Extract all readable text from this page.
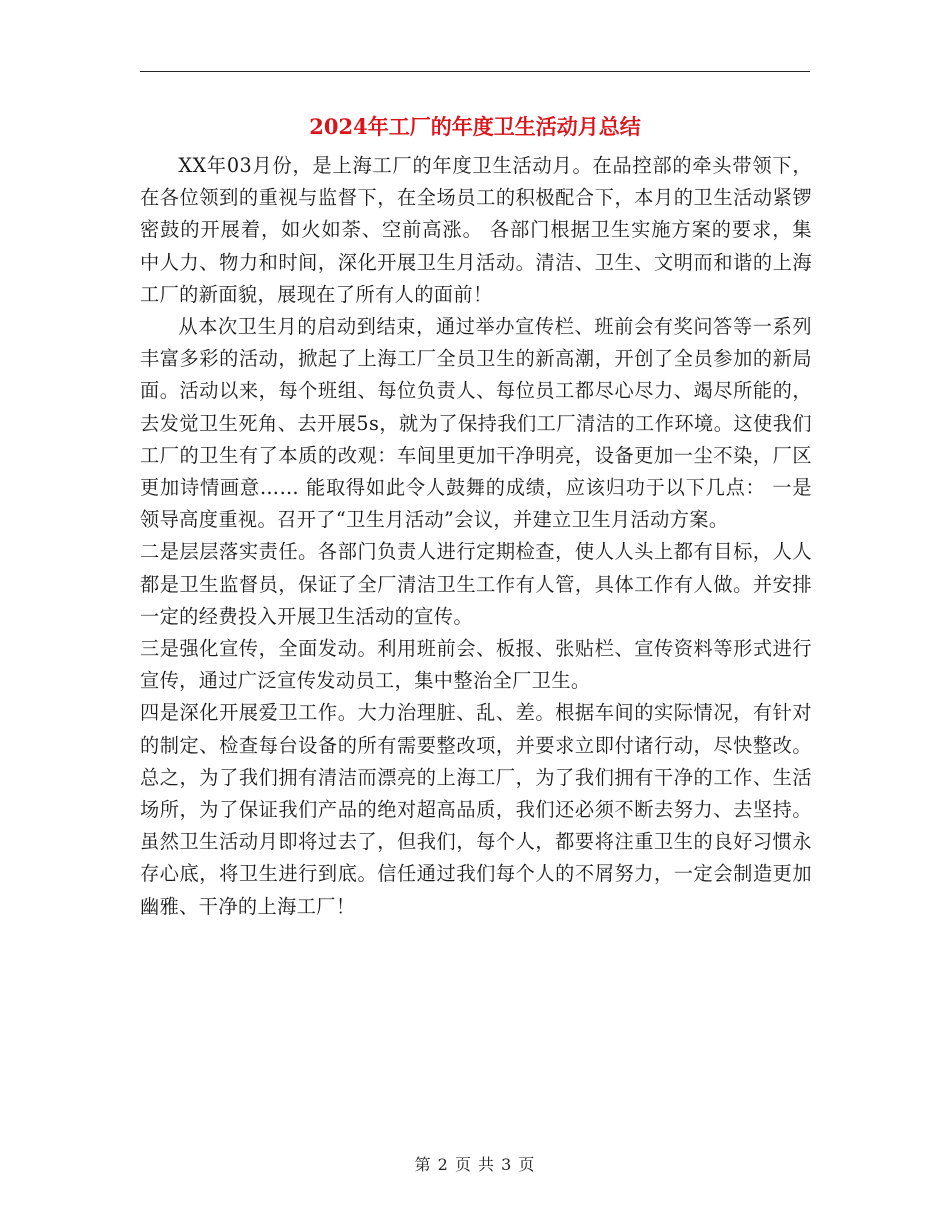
2024年工厂的年度卫生活动月总结

XX年03月份，是上海工厂的年度卫生活动月。在品控部的牵头带领下，在各位领到的重视与监督下，在全场员工的积极配合下，本月的卫生活动紧锣密鼓的开展着，如火如荼、空前高涨。 各部门根据卫生实施方案的要求，集中人力、物力和时间，深化开展卫生月活动。清洁、卫生、文明而和谐的上海工厂的新面貌，展现在了所有人的面前！

从本次卫生月的启动到结束，通过举办宣传栏、班前会有奖问答等一系列丰富多彩的活动，掀起了上海工厂全员卫生的新高潮，开创了全员参加的新局面。活动以来，每个班组、每位负责人、每位员工都尽心尽力、竭尽所能的，去发觉卫生死角、去开展5s，就为了保持我们工厂清洁的工作环境。这使我们工厂的卫生有了本质的改观：车间里更加干净明亮，设备更加一尘不染，厂区更加诗情画意…… 能取得如此令人鼓舞的成绩，应该归功于以下几点： 一是领导高度重视。召开了“卫生月活动”会议，并建立卫生月活动方案。

二是层层落实责任。各部门负责人进行定期检查，使人人头上都有目标，人人都是卫生监督员，保证了全厂清洁卫生工作有人管，具体工作有人做。并安排一定的经费投入开展卫生活动的宣传。

三是强化宣传，全面发动。利用班前会、板报、张贴栏、宣传资料等形式进行宣传，通过广泛宣传发动员工，集中整治全厂卫生。

四是深化开展爱卫工作。大力治理脏、乱、差。根据车间的实际情况，有针对的制定、检查每台设备的所有需要整改项，并要求立即付诸行动，尽快整改。 总之，为了我们拥有清洁而漂亮的上海工厂，为了我们拥有干净的工作、生活场所，为了保证我们产品的绝对超高品质，我们还必须不断去努力、去坚持。虽然卫生活动月即将过去了，但我们，每个人，都要将注重卫生的良好习惯永存心底，将卫生进行到底。信任通过我们每个人的不屑努力，一定会制造更加幽雅、干净的上海工厂！

第 2 页 共 3 页
